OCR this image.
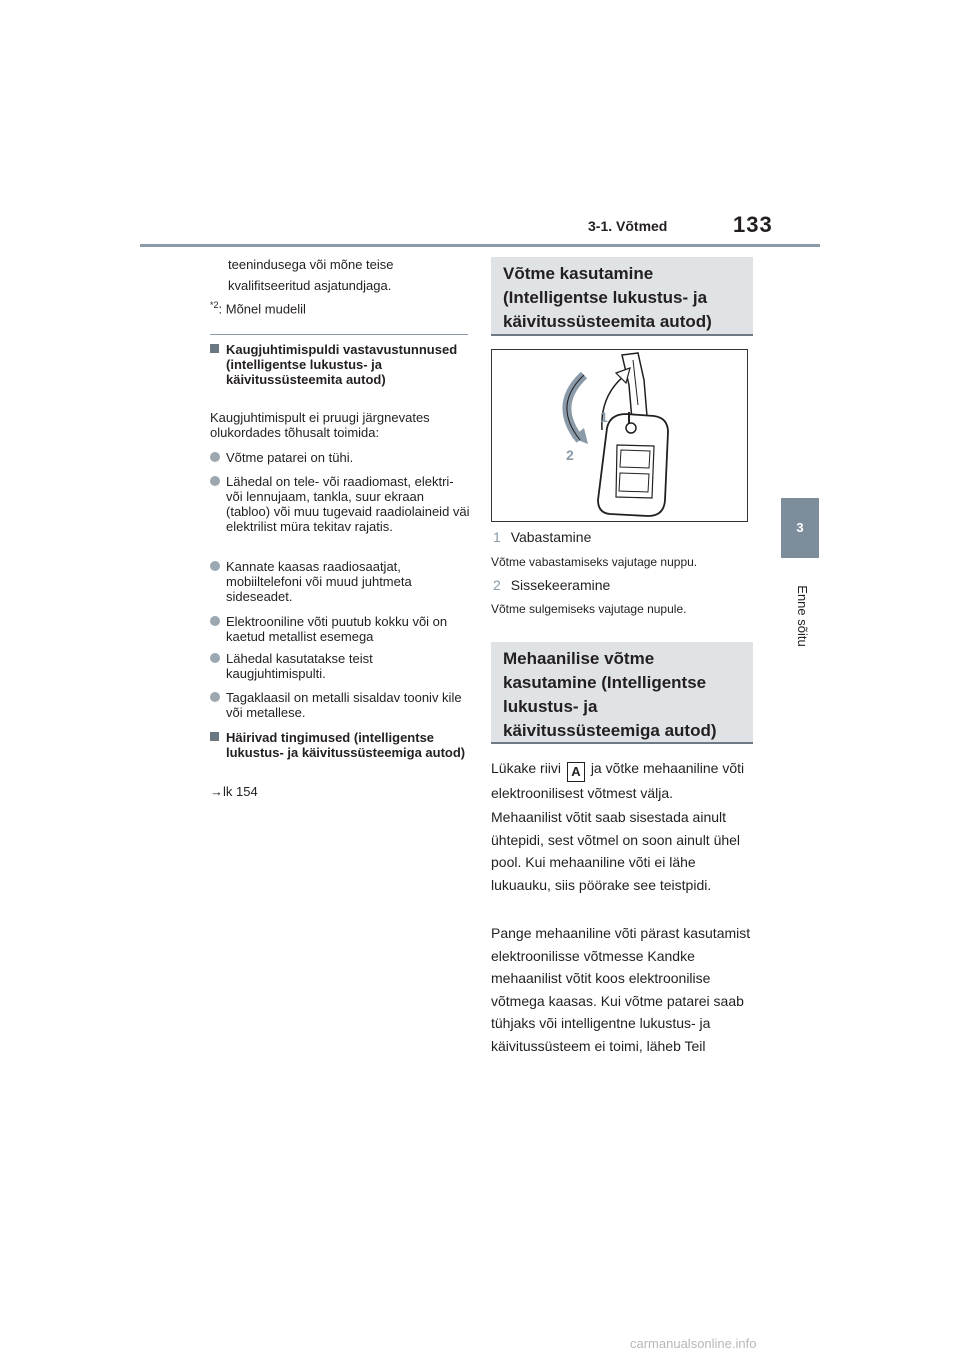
3-1. Võtmed	133
3
Enne sõitu
teenindusega või mõne teise
kvalifitseeritud asjatundjaga.
$^{*2}$: Mõnel mudelil
Kaugjuhtimispuldi vastavustunnused (intelligentse lukustus- ja käivitussüsteemita autod)
Kaugjuhtimispult ei pruugi järgnevates olukordades tõhusalt toimida:
Võtme patarei on tühi.
Lähedal on tele- või raadiomast, elektri- või lennujaam, tankla, suur ekraan (tabloo) või muu tugevaid raadiolaineid väi elektrilist müra tekitav rajatis.
Kannate kaasas raadiosaatjat, mobiiltelefoni või muud juhtmeta sideseadet.
Elektrooniline võti puutub kokku või on kaetud metallist esemega
Lähedal kasutatakse teist kaugjuhtimispulti.
Tagaklaasil on metalli sisaldav tooniv kile või metallese.
Häirivad tingimused (intelligentse lukustus- ja käivitussüsteemiga autod)
→lk 154
Võtme kasutamine (Intelligentse lukustus- ja käivitussüsteemita autod)
1
2
1 Vabastamine
Võtme vabastamiseks vajutage nuppu.
2 Sissekeeramine
Võtme sulgemiseks vajutage nupule.
Mehaanilise võtme kasutamine (Intelligentse lukustus- ja käivitussüsteemiga autod)
Lükake riivi A ja võtke mehaaniline võti elektroonilisest võtmest välja.
Mehaanilist võtit saab sisestada ainult ühtepidi, sest võtmel on soon ainult ühel pool. Kui mehaaniline võti ei lähe lukuauku, siis pöörake see teistpidi.
Pange mehaaniline võti pärast kasutamist elektroonilisse võtmesse Kandke mehaanilist võtit koos elektroonilise võtmega kaasas. Kui võtme patarei saab tühjaks või intelligentne lukustus- ja käivitussüsteem ei toimi, läheb Teil
carmanualsonline.info
